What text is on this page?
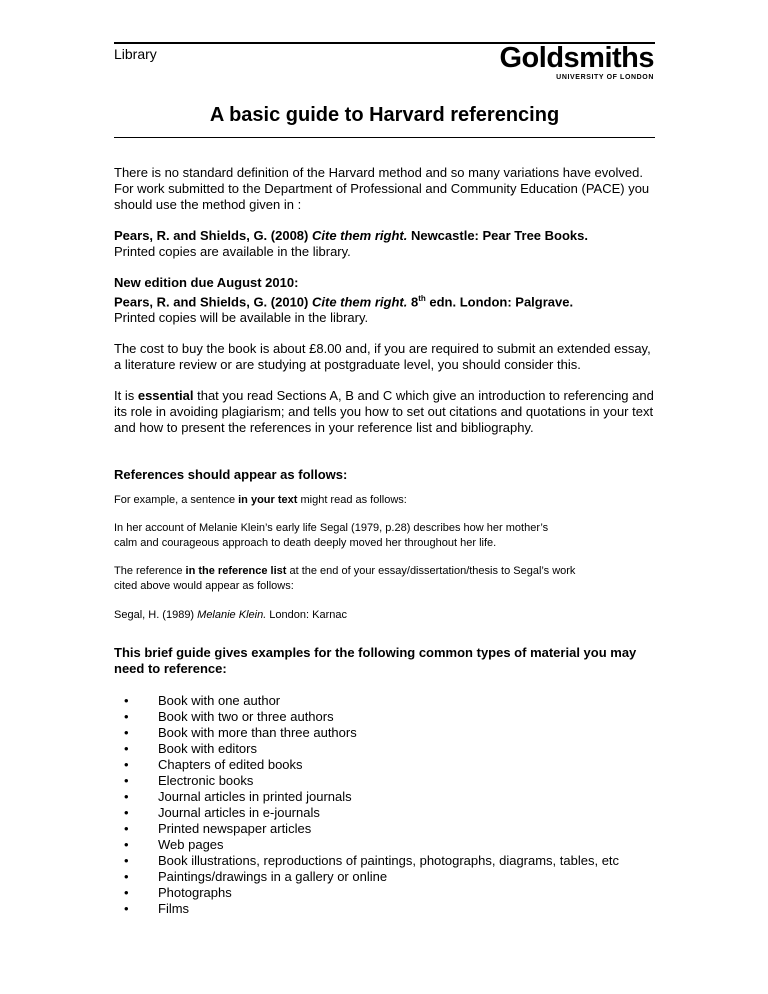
Library	Goldsmiths
UNIVERSITY OF LONDON
A basic guide to Harvard referencing

There is no standard definition of the Harvard method and so many variations have evolved. For work submitted to the Department of Professional and Community Education (PACE) you should use the method given in :

Pears, R. and Shields, G. (2008) Cite them right. Newcastle: Pear Tree Books.
Printed copies are available in the library.

New edition due August 2010:
Pears, R. and Shields, G. (2010) Cite them right. 8th edn. London: Palgrave.
Printed copies will be available in the library.

The cost to buy the book is about £8.00 and, if you are required to submit an extended essay, a literature review or are studying at postgraduate level, you should consider this.

It is essential that you read Sections A, B and C which give an introduction to referencing and its role in avoiding plagiarism; and tells you how to set out citations and quotations in your text and how to present the references in your reference list and bibliography.

References should appear as follows:

For example, a sentence in your text might read as follows:

In her account of Melanie Klein’s early life Segal (1979, p.28) describes how her mother’s calm and courageous approach to death deeply moved her throughout her life.

The reference in the reference list at the end of your essay/dissertation/thesis to Segal’s work cited above would appear as follows:

Segal, H. (1989) Melanie Klein. London: Karnac

This brief guide gives examples for the following common types of material you may need to reference:

• Book with one author
• Book with two or three authors
• Book with more than three authors
• Book with editors
• Chapters of edited books
• Electronic books
• Journal articles in printed journals
• Journal articles in e-journals
• Printed newspaper articles
• Web pages
• Book illustrations, reproductions of paintings, photographs, diagrams, tables, etc
• Paintings/drawings in a gallery or online
• Photographs
• Films
